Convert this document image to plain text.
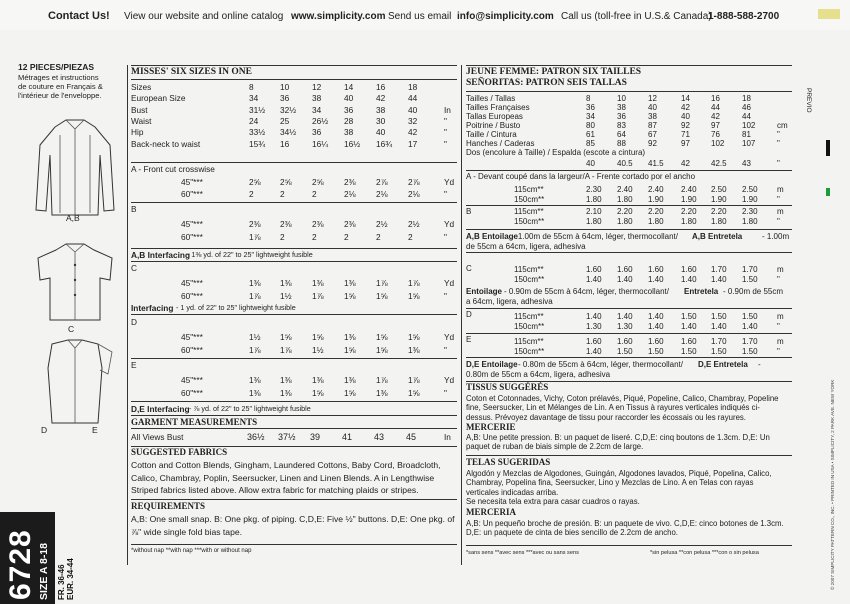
Contact Us! View our website and online catalog www.simplicity.com Send us email info@simplicity.com Call us (toll-free in U.S.& Canada)
1-888-588-2700
12 PIECES/PIEZAS
Métrages et instructions
de couture en Français &
l'intérieur de l'enveloppe.
A,B
C
D	E
6728 SIZE A 8-18 FR. 36-46 EUR. 34-44
MISSES' SIX SIZES IN ONE
Sizes	8	10	12	14	16	18
European Size	34	36	38	40	42	44
Bust	31½ 32½ 34	36	38	40	In
Waist	24	25	26½ 28	30	32	"
Hip	33½ 34½ 36	38	40	42	"
Back-neck to waist	15¾ 16	16¼ 16½ 16¾ 17	"
A - Front cut crosswise
45"***	2⅝ 2⅝ 2⅝ 2⅜ 2⅞ 2⅞	Yd
60"***	2	2	2	2⅛ 2⅛ 2⅛	"
B
45"***	2⅜ 2⅜ 2⅜ 2⅜ 2½ 2½	Yd
60"***	1⅞ 2	2	2	2	2	"
A,B Interfacing
- 1⅜ yd. of 22" to 25" lightweight fusible
C
45"***	1⅜ 1⅜ 1⅜ 1⅜ 1⅞ 1⅞	Yd
60"***	1⅞ 1½ 1⅞ 1⅝ 1⅝ 1⅝	"
Interfacing - 1 yd. of 22" to 25" lightweight fusible
D
45"***	1½ 1⅝ 1⅝ 1⅜ 1⅝ 1⅝	Yd
60"***	1⅞ 1⅞ 1½ 1⅝ 1⅝ 1⅜	"
E
45"***	1⅜ 1⅜ 1⅜ 1⅜ 1⅞ 1⅞	Yd
60"***	1⅜ 1⅜ 1⅝ 1⅝ 1⅜ 1⅝	"
D,E Interfacing - ⅞ yd. of 22" to 25" lightweight fusible
GARMENT MEASUREMENTS
All Views Bust	36½ 37½ 39 41 43 45	In
SUGGESTED FABRICS
Cotton and Cotton Blends, Gingham, Laundered Cottons, Baby Cord, Broadcloth,
Calico, Chambray, Poplin, Seersucker, Linen and Linen Blends. A in Lengthwise
Striped fabrics listed above. Allow extra fabric for matching plaids or stripes.
REQUIREMENTS
A,B: One small snap. B: One pkg. of piping. C,D,E: Five ½" buttons. D,E: One pkg. of
⅞" wide single fold bias tape.
*without nap **with nap ***with or without nap
JEUNE FEMME: PATRON SIX TAILLES
SEÑORITAS: PATRON SEIS TALLAS
Tailles / Tallas	8	10	12	14	16	18
Tailles Françaises	36	38	40	42	44	46
Tallas Europeas	34	36	38	40	42	44
Poitrine / Busto	80	83	87	92	97	102	cm
Taille / Cintura	61	64	67	71	76	81	"
Hanches / Caderas	85	88	92	97	102 107	"
Dos (encolure à Taille) / Espalda (escote a cintura)
40	40.5 41.5 42	42.5 43	"
A - Devant coupé dans la largeur/A - Frente cortado por el ancho
115cm**	2.30 2.40 2.40 2.40 2.50 2.50 m
150cm**	1.80 1.80 1.90 1.90 1.90 1.90 "
B	115cm**	2.10 2.20 2.20 2.20 2.20 2.30 m
150cm**	1.80 1.80 1.80 1.80 1.80 1.80 "
A,B Entoilage
- 1.00m de 55cm à 64cm, léger, thermocollant/ A,B Entretela - 1.00m
de 55cm a 64cm, ligera, adhesiva
C	115cm**	1.60 1.60 1.60 1.60 1.70 1.70 m
150cm**	1.40 1.40 1.40 1.40 1.40 1.50 "
Entoilage - 0.90m de 55cm à 64cm, léger, thermocollant/ Entretela - 0.90m de 55cm
a 64cm, ligera, adhesiva
D	115cm**	1.40 1.40 1.40 1.50 1.50 1.50 m
150cm**	1.30 1.30 1.40 1.40 1.40 1.40 "
E	115cm**	1.60 1.60 1.60 1.60 1.70 1.70 m
150cm**	1.40 1.50 1.50 1.50 1.50 1.50 "
D,E Entoilage - 0.80m de 55cm à 64cm, léger, thermocollant/ D,E Entretela -
0.80m de 55cm a 64cm, ligera, adhesiva
TISSUS SUGGÉRÉS
Coton et Cotonnades, Vichy, Coton prélavés, Piqué, Popeline, Calico, Chambray, Popeline
fine, Seersucker, Lin et Mélanges de Lin. A en Tissus à rayures verticales indiqués ci-
dessus. Prévoyez davantage de tissu pour raccorder les écossais ou les rayures.
MERCERIE
A,B: Une petite pression. B: un paquet de liseré. C,D,E: cinq boutons de 1.3cm. D,E: Un
paquet de ruban de biais simple de 2.2cm de large.
TELAS SUGERIDAS
Algodón y Mezclas de Algodones, Guingán, Algodones lavados, Piqué, Popelina, Calico,
Chambray, Popelina fina, Seersucker, Lino y Mezclas de Lino. A en Telas con rayas
verticales indicadas arriba.
Se necesita tela extra para casar cuadros o rayas.
MERCERIA
A,B: Un pequeño broche de presión. B: un paquete de vivo. C,D,E: cinco botones de 1.3cm.
D,E: un paquete de cinta de bies sencillo de 2.2cm de ancho.
*sans sens **avec sens ***avec ou sans sens	*sin pelusa **con pelusa ***con o sin pelusa
PREVIO
© 2007 SIMPLICITY PATTERN CO., INC. • PRINTED IN USA • SIMPLICITY, 2 PARK AVE. NEW YORK
